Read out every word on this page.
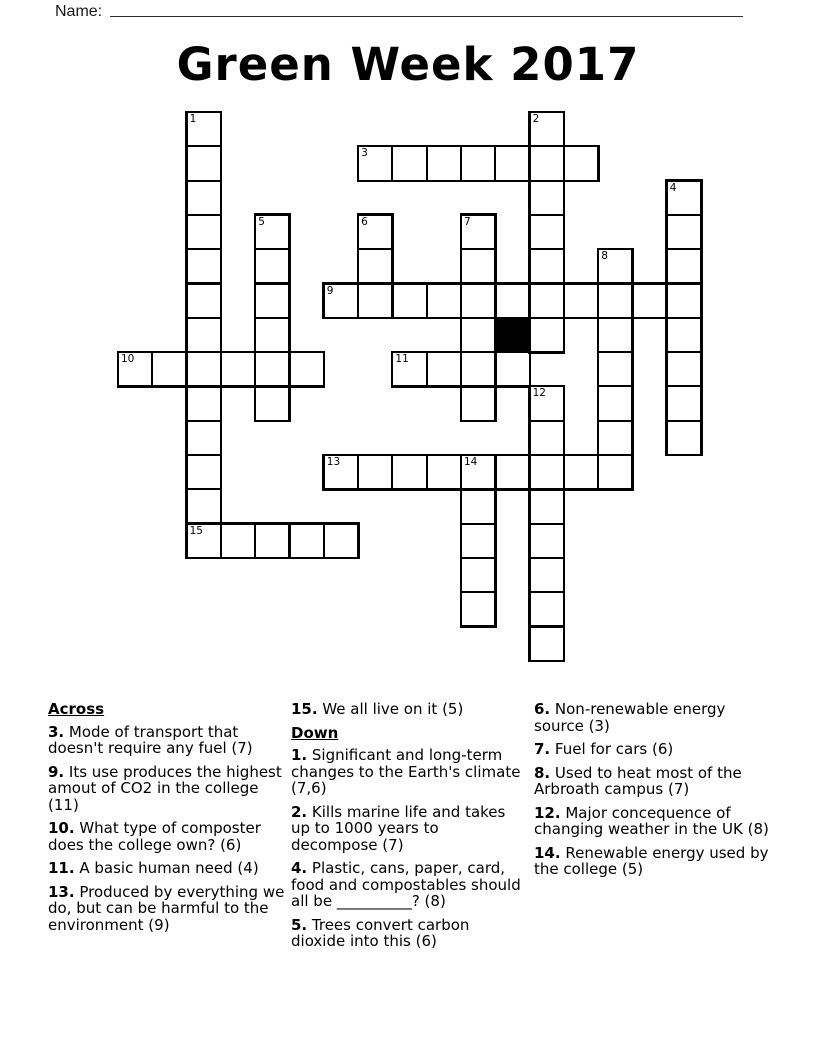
Name:
Green Week 2017
1
15
2
3
4
5	6	7
8
9
10	11
12
13	14
Across
3. Mode of transport that doesn't require any fuel (7)
9. Its use produces the highest amout of CO2 in the college (11)
10. What type of composter does the college own? (6)
11. A basic human need (4)
13. Produced by everything we do, but can be harmful to the environment (9)
15. We all live on it (5)
Down
1. Significant and long-term changes to the Earth's climate (7,6)
2. Kills marine life and takes up to 1000 years to decompose (7)
4. Plastic, cans, paper, card, food and compostables should all be __________? (8)
5. Trees convert carbon dioxide into this (6)
6. Non-renewable energy source (3)
7. Fuel for cars (6)
8. Used to heat most of the Arbroath campus (7)
12. Major concequence of changing weather in the UK (8)
14. Renewable energy used by the college (5)
